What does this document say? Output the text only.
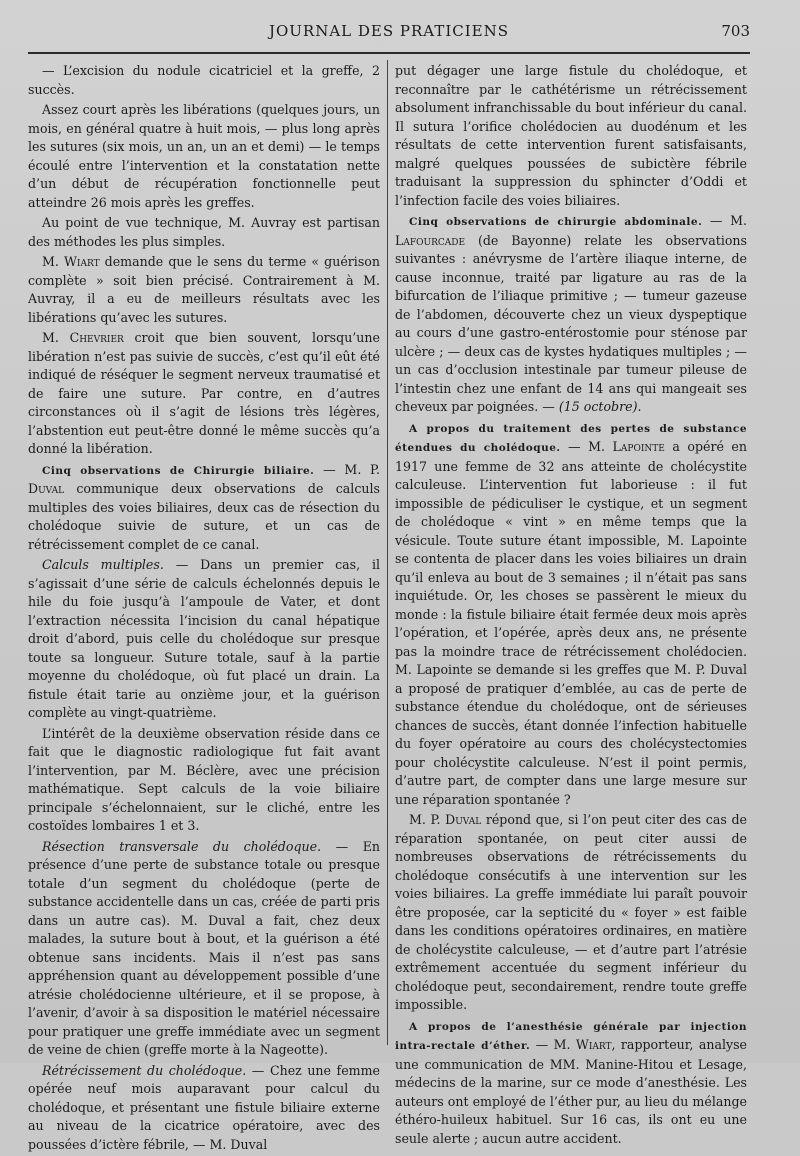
JOURNAL DES PRATICIENS	703

— L’excision du nodule cicatriciel et la greffe, 2 succès.

Assez court après les libérations (quelques jours, un mois, en général quatre à huit mois, — plus long après les sutures (six mois, un an, un an et demi) — le temps écoulé entre l’intervention et la constatation nette d’un début de récupération fonctionnelle peut atteindre 26 mois après les greffes.

Au point de vue technique, M. Auvray est partisan des méthodes les plus simples.

M. Wiart demande que le sens du terme « guérison complète » soit bien précisé. Contrairement à M. Auvray, il a eu de meilleurs résultats avec les libérations qu’avec les sutures.

M. Chevrier croit que bien souvent, lorsqu’une libération n’est pas suivie de succès, c’est qu’il eût été indiqué de réséquer le segment nerveux traumatisé et de faire une suture. Par contre, en d’autres circonstances où il s’agit de lésions très légères, l’abstention eut peut-être donné le même succès qu’a donné la libération.

Cinq observations de Chirurgie biliaire. — M. P. Duval communique deux observations de calculs multiples des voies biliaires, deux cas de résection du cholédoque suivie de suture, et un cas de rétrécissement complet de ce canal.

Calculs multiples. — Dans un premier cas, il s’agissait d’une série de calculs échelonnés depuis le hile du foie jusqu’à l’ampoule de Vater, et dont l’extraction nécessita l’incision du canal hépatique droit d’abord, puis celle du cholédoque sur presque toute sa longueur. Suture totale, sauf à la partie moyenne du cholédoque, où fut placé un drain. La fistule était tarie au onzième jour, et la guérison complète au vingt-quatrième.

L’intérêt de la deuxième observation réside dans ce fait que le diagnostic radiologique fut fait avant l’intervention, par M. Béclère, avec une précision mathématique. Sept calculs de la voie biliaire principale s’échelonnaient, sur le cliché, entre les costoïdes lombaires 1 et 3.

Résection transversale du cholédoque. — En présence d’une perte de substance totale ou presque totale d’un segment du cholédoque (perte de substance accidentelle dans un cas, créée de parti pris dans un autre cas). M. Duval a fait, chez deux malades, la suture bout à bout, et la guérison a été obtenue sans incidents. Mais il n’est pas sans appréhension quant au développement possible d’une atrésie cholédocienne ultérieure, et il se propose, à l’avenir, d’avoir à sa disposition le matériel nécessaire pour pratiquer une greffe immédiate avec un segment de veine de chien (greffe morte à la Nageotte).

Rétrécissement du cholédoque. — Chez une femme opérée neuf mois auparavant pour calcul du cholédoque, et présentant une fistule biliaire externe au niveau de la cicatrice opératoire, avec des poussées d’ictère fébrile, — M. Duval

put dégager une large fistule du cholédoque, et reconnaître par le cathétérisme un rétrécissement absolument infranchissable du bout inférieur du canal. Il sutura l’orifice cholédocien au duodénum et les résultats de cette intervention furent satisfaisants, malgré quelques poussées de subictère fébrile traduisant la suppression du sphincter d’Oddi et l’infection facile des voies biliaires.

Cinq observations de chirurgie abdominale. — M. Lafourcade (de Bayonne) relate les observations suivantes : anévrysme de l’artère iliaque interne, de cause inconnue, traité par ligature au ras de la bifurcation de l’iliaque primitive ; — tumeur gazeuse de l’abdomen, découverte chez un vieux dyspeptique au cours d’une gastro-entérostomie pour sténose par ulcère ; — deux cas de kystes hydatiques multiples ; — un cas d’occlusion intestinale par tumeur pileuse de l’intestin chez une enfant de 14 ans qui mangeait ses cheveux par poignées. — (15 octobre).

A propos du traitement des pertes de substance étendues du cholédoque. — M. Lapointe a opéré en 1917 une femme de 32 ans atteinte de cholécystite calculeuse. L’intervention fut laborieuse : il fut impossible de pédiculiser le cystique, et un segment de cholédoque « vint » en même temps que la vésicule. Toute suture étant impossible, M. Lapointe se contenta de placer dans les voies biliaires un drain qu’il enleva au bout de 3 semaines ; il n’était pas sans inquiétude. Or, les choses se passèrent le mieux du monde : la fistule biliaire était fermée deux mois après l’opération, et l’opérée, après deux ans, ne présente pas la moindre trace de rétrécissement cholédocien. M. Lapointe se demande si les greffes que M. P. Duval a proposé de pratiquer d’emblée, au cas de perte de substance étendue du cholédoque, ont de sérieuses chances de succès, étant donnée l’infection habituelle du foyer opératoire au cours des cholécystectomies pour cholécystite calculeuse. N’est il point permis, d’autre part, de compter dans une large mesure sur une réparation spontanée ?

M. P. Duval répond que, si l’on peut citer des cas de réparation spontanée, on peut citer aussi de nombreuses observations de rétrécissements du cholédoque consécutifs à une intervention sur les voies biliaires. La greffe immédiate lui paraît pouvoir être proposée, car la septicité du « foyer » est faible dans les conditions opératoires ordinaires, en matière de cholécystite calculeuse, — et d’autre part l’atrésie extrêmement accentuée du segment inférieur du cholédoque peut, secondairement, rendre toute greffe impossible.

A propos de l’anesthésie générale par injection intra-rectale d’éther. — M. Wiart, rapporteur, analyse une communication de MM. Manine-Hitou et Lesage, médecins de la marine, sur ce mode d’anesthésie. Les auteurs ont employé de l’éther pur, au lieu du mélange éthéro-huileux habituel. Sur 16 cas, ils ont eu une seule alerte ; aucun autre accident.
